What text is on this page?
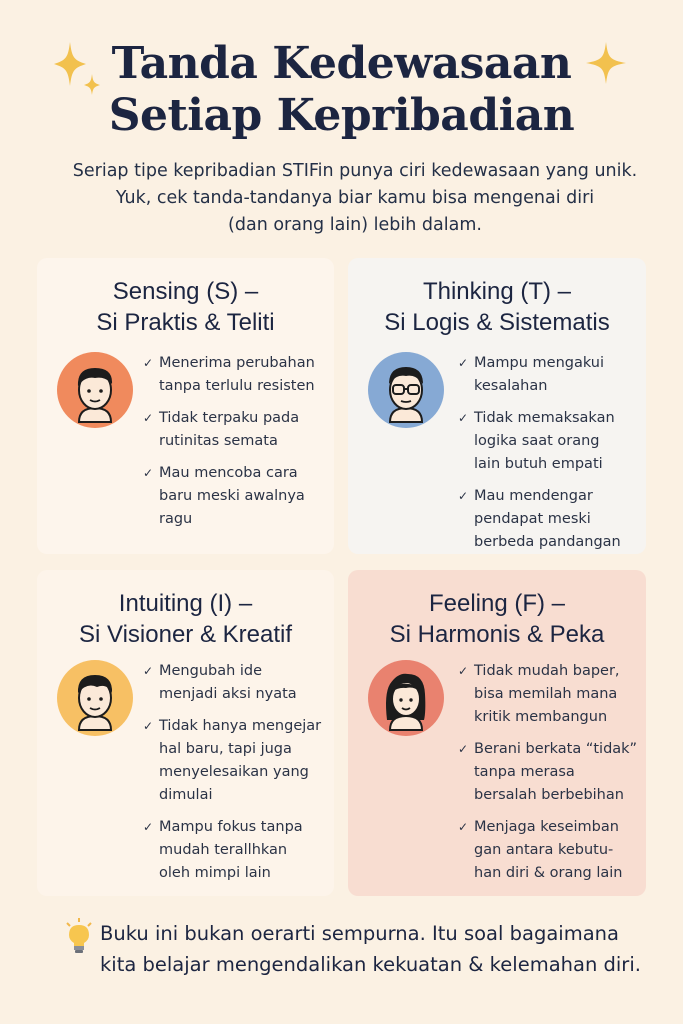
Tanda Kedewasaan
Setiap Kepribadian

Seriap tipe kepribadian STIFin punya ciri kedewasaan yang unik.
Yuk, cek tanda-tandanya biar kamu bisa mengenai diri
(dan orang lain) lebih dalam.

Sensing (S) –
Si Praktis & Teliti
✓ Menerima perubahan
tanpa terlulu resisten
✓ Tidak terpaku pada
rutinitas semata
✓ Mau mencoba cara
baru meski awalnya
ragu
Thinking (T) –
Si Logis & Sistematis
✓ Mampu mengakui
kesalahan
✓ Tidak memaksakan
logika saat orang
lain butuh empati
✓ Mau mendengar
pendapat meski
berbeda pandangan
Intuiting (I) –
Si Visioner & Kreatif
✓ Mengubah ide
menjadi aksi nyata
✓ Tidak hanya mengejar
hal baru, tapi juga
menyelesaikan yang
dimulai
✓ Mampu fokus tanpa
mudah terallhkan
oleh mimpi lain
Feeling (F) –
Si Harmonis & Peka
✓ Tidak mudah baper,
bisa memilah mana
kritik membangun
✓ Berani berkata “tidak”
tanpa merasa
bersalah berbebihan
✓ Menjaga keseimban
gan antara kebutu-
han diri & orang lain

Buku ini bukan oerarti sempurna. Itu soal bagaimana
kita belajar mengendalikan kekuatan & kelemahan diri.
